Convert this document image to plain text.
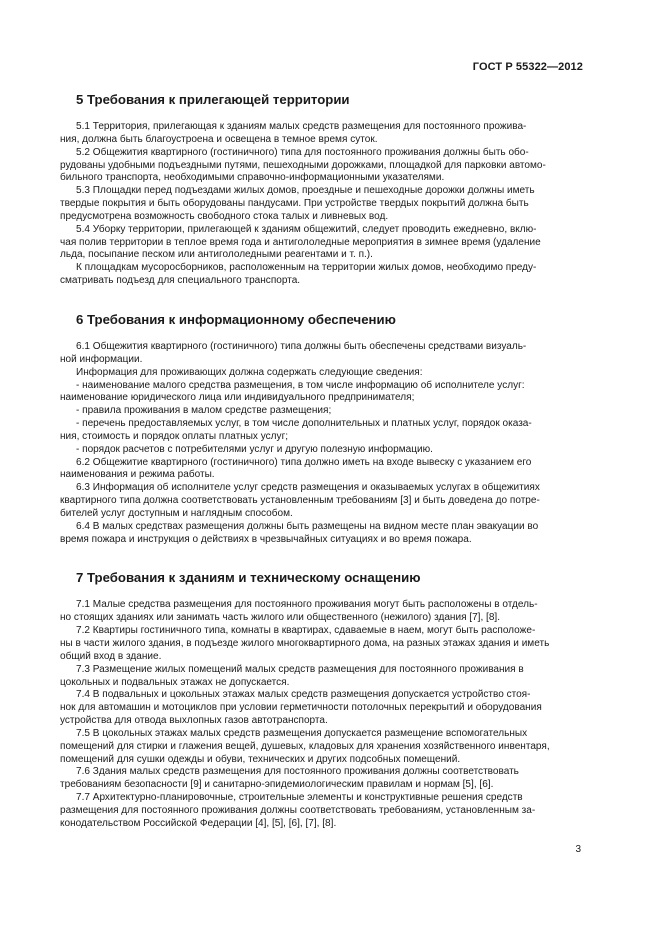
ГОСТ Р 55322—2012
5 Требования к прилегающей территории

5.1 Территория, прилегающая к зданиям малых средств размещения для постоянного прожива-
ния, должна быть благоустроена и освещена в темное время суток.

5.2 Общежития квартирного (гостиничного) типа для постоянного проживания должны быть обо-
рудованы удобными подъездными путями, пешеходными дорожками, площадкой для парковки автомо-
бильного транспорта, необходимыми справочно-информационными указателями.

5.3 Площадки перед подъездами жилых домов, проездные и пешеходные дорожки должны иметь
твердые покрытия и быть оборудованы пандусами. При устройстве твердых покрытий должна быть
предусмотрена возможность свободного стока талых и ливневых вод.

5.4 Уборку территории, прилегающей к зданиям общежитий, следует проводить ежедневно, вклю-
чая полив территории в теплое время года и антигололедные мероприятия в зимнее время (удаление
льда, посыпание песком или антигололедными реагентами и т. п.).

К площадкам мусоросборников, расположенным на территории жилых домов, необходимо преду-
сматривать подъезд для специального транспорта.

6 Требования к информационному обеспечению

6.1 Общежития квартирного (гостиничного) типа должны быть обеспечены средствами визуаль-
ной информации.

Информация для проживающих должна содержать следующие сведения:

- наименование малого средства размещения, в том числе информацию об исполнителе услуг:
наименование юридического лица или индивидуального предпринимателя;

- правила проживания в малом средстве размещения;

- перечень предоставляемых услуг, в том числе дополнительных и платных услуг, порядок оказа-
ния, стоимость и порядок оплаты платных услуг;

- порядок расчетов с потребителями услуг и другую полезную информацию.

6.2 Общежитие квартирного (гостиничного) типа должно иметь на входе вывеску с указанием его
наименования и режима работы.

6.3 Информация об исполнителе услуг средств размещения и оказываемых услугах в общежитиях
квартирного типа должна соответствовать установленным требованиям [3] и быть доведена до потре-
бителей услуг доступным и наглядным способом.

6.4 В малых средствах размещения должны быть размещены на видном месте план эвакуации во
время пожара и инструкция о действиях в чрезвычайных ситуациях и во время пожара.

7 Требования к зданиям и техническому оснащению

7.1 Малые средства размещения для постоянного проживания могут быть расположены в отдель-
но стоящих зданиях или занимать часть жилого или общественного (нежилого) здания [7], [8].

7.2 Квартиры гостиничного типа, комнаты в квартирах, сдаваемые в наем, могут быть расположе-
ны в части жилого здания, в подъезде жилого многоквартирного дома, на разных этажах здания и иметь
общий вход в здание.

7.3 Размещение жилых помещений малых средств размещения для постоянного проживания в
цокольных и подвальных этажах не допускается.

7.4 В подвальных и цокольных этажах малых средств размещения допускается устройство стоя-
нок для автомашин и мотоциклов при условии герметичности потолочных перекрытий и оборудования
устройства для отвода выхлопных газов автотранспорта.

7.5 В цокольных этажах малых средств размещения допускается размещение вспомогательных
помещений для стирки и глажения вещей, душевых, кладовых для хранения хозяйственного инвентаря,
помещений для сушки одежды и обуви, технических и других подсобных помещений.

7.6 Здания малых средств размещения для постоянного проживания должны соответствовать
требованиям безопасности [9] и санитарно-эпидемиологическим правилам и нормам [5], [6].

7.7 Архитектурно-планировочные, строительные элементы и конструктивные решения средств
размещения для постоянного проживания должны соответствовать требованиям, установленным за-
конодательством Российской Федерации [4], [5], [6], [7], [8].

3
